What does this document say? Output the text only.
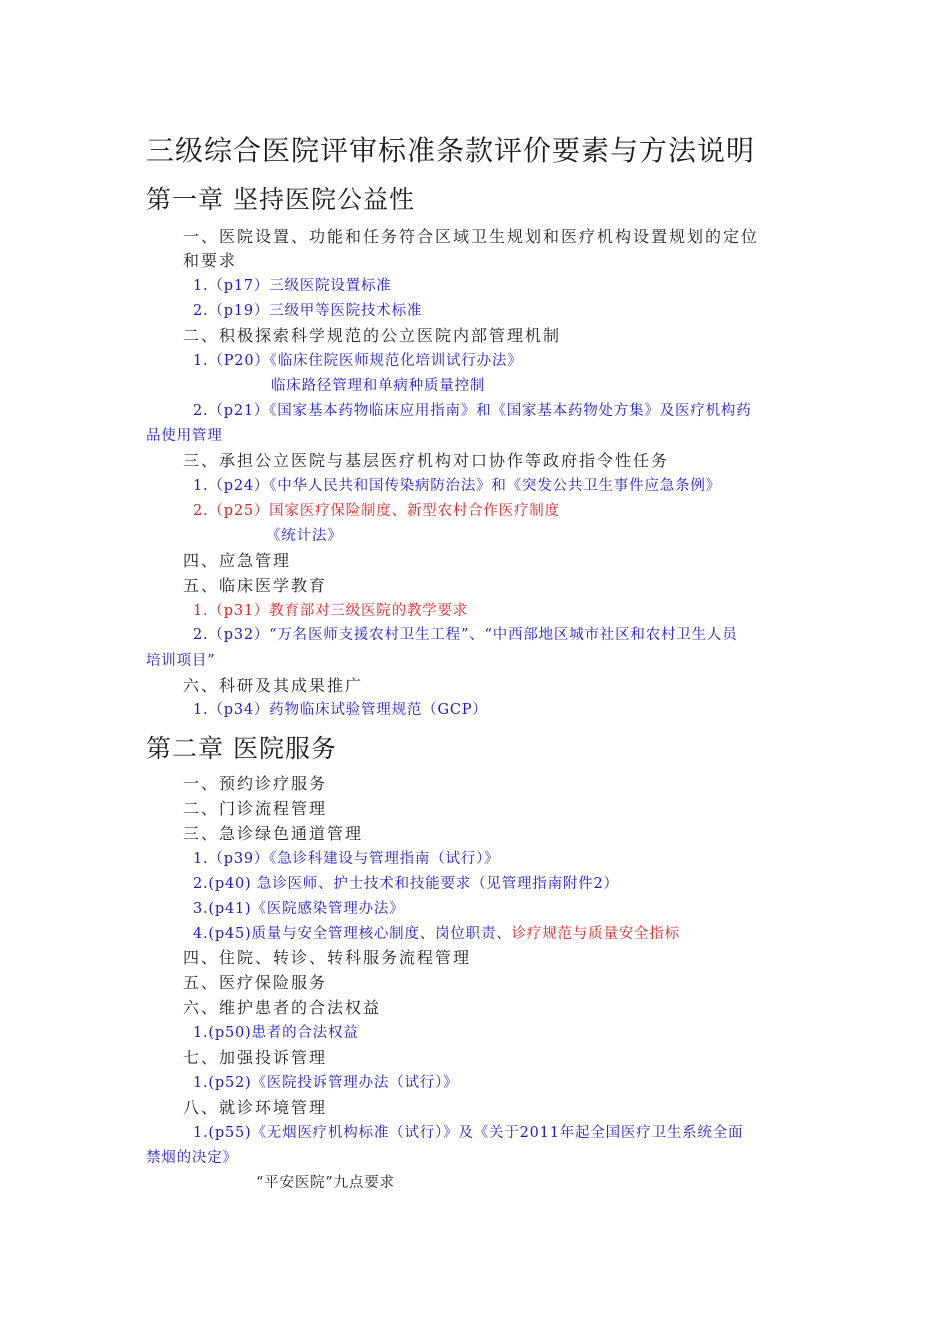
三级综合医院评审标准条款评价要素与方法说明
第一章 坚持医院公益性
一、医院设置、功能和任务符合区域卫生规划和医疗机构设置规划的定位
和要求
1.（p17）三级医院设置标准
2.（p19）三级甲等医院技术标准
二、积极探索科学规范的公立医院内部管理机制
1.（P20）《临床住院医师规范化培训试行办法》
临床路径管理和单病种质量控制
2.（p21）《国家基本药物临床应用指南》和《国家基本药物处方集》及医疗机构药
品使用管理
三、承担公立医院与基层医疗机构对口协作等政府指令性任务
1.（p24）《中华人民共和国传染病防治法》和《突发公共卫生事件应急条例》
2.（p25）国家医疗保险制度、新型农村合作医疗制度
《统计法》
四、应急管理
五、临床医学教育
1.（p31）教育部对三级医院的教学要求
2.（p32）“万名医师支援农村卫生工程”、“中西部地区城市社区和农村卫生人员
培训项目”
六、科研及其成果推广
1.（p34）药物临床试验管理规范（GCP）
第二章 医院服务
一、预约诊疗服务
二、门诊流程管理
三、急诊绿色通道管理
1.（p39）《急诊科建设与管理指南（试行）》
2.(p40) 急诊医师、护士技术和技能要求（见管理指南附件2）
3.(p41)《医院感染管理办法》
4.(p45)质量与安全管理核心制度、岗位职责、诊疗规范与质量安全指标
四、住院、转诊、转科服务流程管理
五、医疗保险服务
六、维护患者的合法权益
1.(p50)患者的合法权益
七、加强投诉管理
1.(p52)《医院投诉管理办法（试行）》
八、就诊环境管理
1.(p55)《无烟医疗机构标准（试行）》及《关于2011年起全国医疗卫生系统全面
禁烟的决定》
“平安医院”九点要求
